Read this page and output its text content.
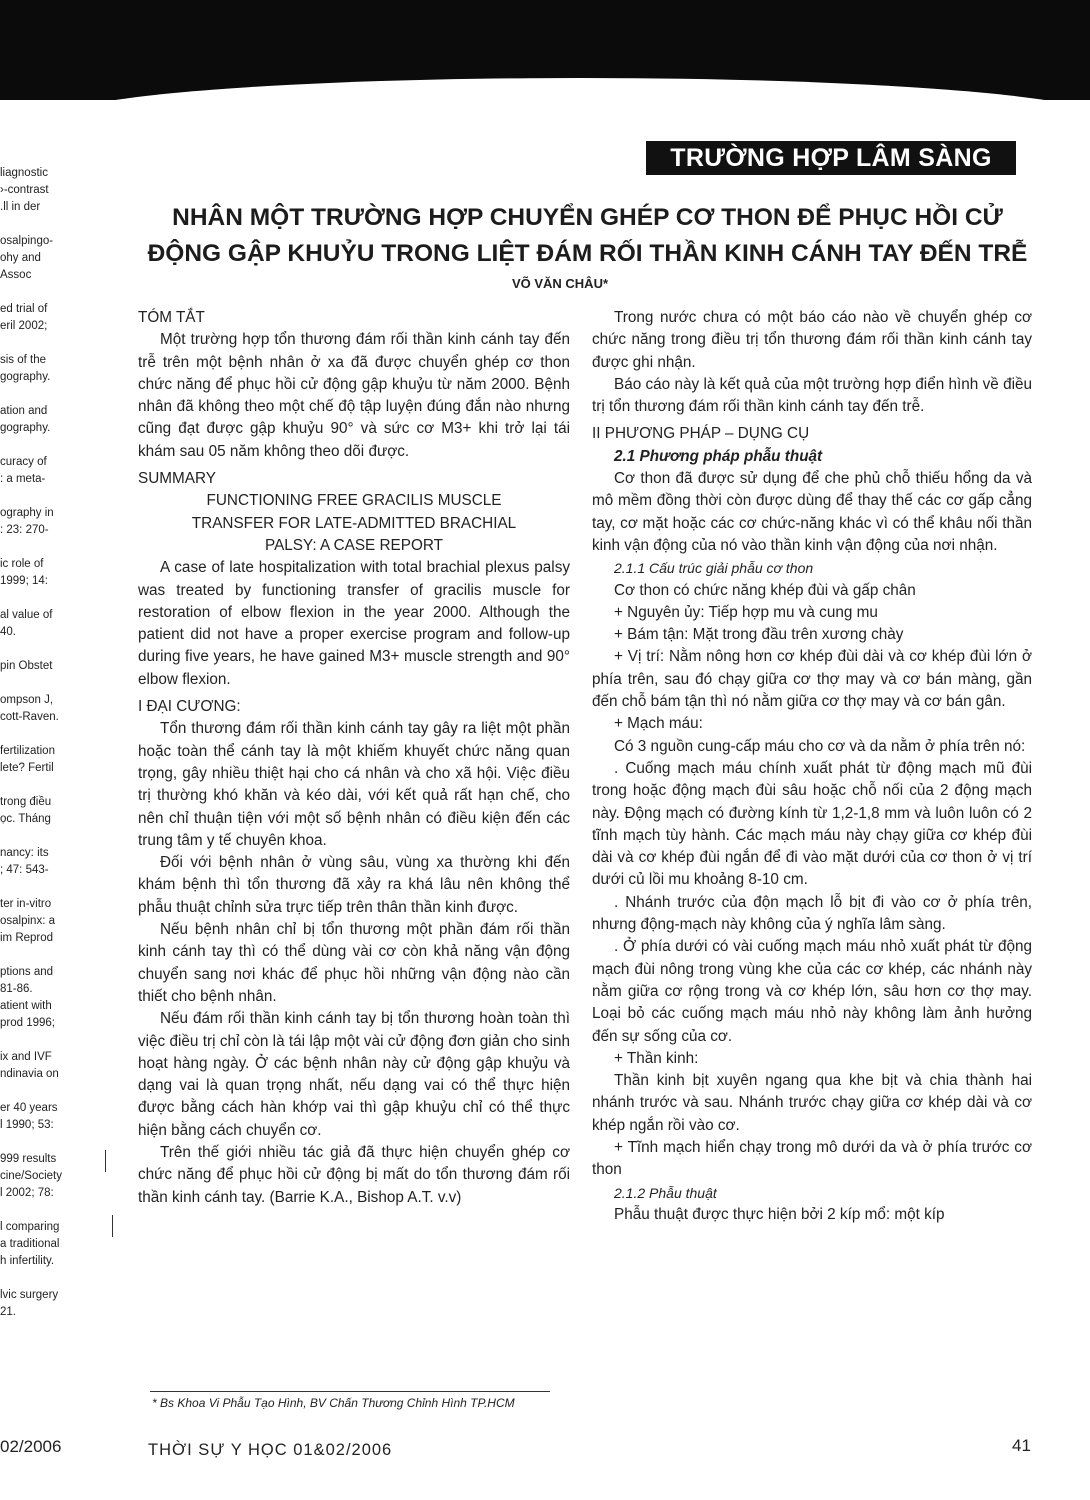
liagnostic
›-contrast
.ll in der
osalpingo-
ohy and
Assoc
ed trial of
eril 2002;
sis of the
gography.
ation and
gography.
curacy of
: a meta-
ography in
: 23: 270-
ic role of
1999; 14:
al value of
40.
pin Obstet
ompson J,
cott-Raven.
fertilization
lete? Fertil
trong điều
ọc. Tháng
nancy: its
; 47: 543-
ter in-vitro
osalpinx: a
im Reprod
ptions and
81-86.
atient with
prod 1996;
ix and IVF
ndinavia on
er 40 years
l 1990; 53:
999 results
cine/Society
l 2002; 78:
l comparing
a traditional
h infertility.
lvic surgery
21.
02/2006
TRƯỜNG HỢP LÂM SÀNG
NHÂN MỘT TRƯỜNG HỢP CHUYỂN GHÉP CƠ THON ĐỂ PHỤC HỒI CỬ
ĐỘNG GẬP KHUỶU TRONG LIỆT ĐÁM RỐI THẦN KINH CÁNH TAY ĐẾN TRỄ
VÕ VĂN CHÂU*

TÓM TẮT

Một trường hợp tổn thương đám rối thần kinh cánh tay đến trễ trên một bệnh nhân ở xa đã được chuyển ghép cơ thon chức năng để phục hồi cử động gập khuỷu từ năm 2000. Bệnh nhân đã không theo một chế độ tập luyện đúng đắn nào nhưng cũng đạt được gập khuỷu 90° và sức cơ M3+ khi trở lại tái khám sau 05 năm không theo dõi được.

SUMMARY

FUNCTIONING FREE GRACILIS MUSCLE

TRANSFER FOR LATE-ADMITTED BRACHIAL

PALSY: A CASE REPORT

A case of late hospitalization with total brachial plexus palsy was treated by functioning transfer of gracilis muscle for restoration of elbow flexion in the year 2000. Although the patient did not have a proper exercise program and follow-up during five years, he have gained M3+ muscle strength and 90° elbow flexion.

I ĐẠI CƯƠNG:

Tổn thương đám rối thần kinh cánh tay gây ra liệt một phần hoặc toàn thể cánh tay là một khiếm khuyết chức năng quan trọng, gây nhiều thiệt hại cho cá nhân và cho xã hội. Việc điều trị thường khó khăn và kéo dài, với kết quả rất hạn chế, cho nên chỉ thuận tiện với một số bệnh nhân có điều kiện đến các trung tâm y tế chuyên khoa.

Đối với bệnh nhân ở vùng sâu, vùng xa thường khi đến khám bệnh thì tổn thương đã xảy ra khá lâu nên không thể phẫu thuật chỉnh sửa trực tiếp trên thân thần kinh được.

Nếu bệnh nhân chỉ bị tổn thương một phần đám rối thần kinh cánh tay thì có thể dùng vài cơ còn khả năng vận động chuyển sang nơi khác để phục hồi những vận động nào cần thiết cho bệnh nhân.

Nếu đám rối thần kinh cánh tay bị tổn thương hoàn toàn thì việc điều trị chỉ còn là tái lập một vài cử động đơn giản cho sinh hoạt hàng ngày. Ở các bệnh nhân này cử động gập khuỷu và dạng vai là quan trọng nhất, nếu dạng vai có thể thực hiện được bằng cách hàn khớp vai thì gập khuỷu chỉ có thể thực hiện bằng cách chuyển cơ.

Trên thế giới nhiều tác giả đã thực hiện chuyển ghép cơ chức năng để phục hồi cử động bị mất do tổn thương đám rối thần kinh cánh tay. (Barrie K.A., Bishop A.T. v.v)

Trong nước chưa có một báo cáo nào về chuyển ghép cơ chức năng trong điều trị tổn thương đám rối thần kinh cánh tay được ghi nhận.

Báo cáo này là kết quả của một trường hợp điển hình về điều trị tổn thương đám rối thần kinh cánh tay đến trễ.

II PHƯƠNG PHÁP – DỤNG CỤ

2.1 Phương pháp phẫu thuật

Cơ thon đã được sử dụng để che phủ chỗ thiếu hổng da và mô mềm đồng thời còn được dùng để thay thế các cơ gấp cẳng tay, cơ mặt hoặc các cơ chức-năng khác vì có thể khâu nối thần kinh vận động của nó vào thần kinh vận động của nơi nhận.

2.1.1 Cấu trúc giải phẫu cơ thon

Cơ thon có chức năng khép đùi và gấp chân

+ Nguyên ủy: Tiếp hợp mu và cung mu

+ Bám tận: Mặt trong đầu trên xương chày

+ Vị trí: Nằm nông hơn cơ khép đùi dài và cơ khép đùi lớn ở phía trên, sau đó chạy giữa cơ thợ may và cơ bán màng, gần đến chỗ bám tận thì nó nằm giữa cơ thợ may và cơ bán gân.

+ Mạch máu:

Có 3 nguồn cung-cấp máu cho cơ và da nằm ở phía trên nó:

. Cuống mạch máu chính xuất phát từ động mạch mũ đùi trong hoặc động mạch đùi sâu hoặc chỗ nối của 2 động mạch này. Động mạch có đường kính từ 1,2-1,8 mm và luôn luôn có 2 tĩnh mạch tùy hành. Các mạch máu này chạy giữa cơ khép đùi dài và cơ khép đùi ngắn để đi vào mặt dưới của cơ thon ở vị trí dưới củ lồi mu khoảng 8-10 cm.

. Nhánh trước của độn mạch lỗ bịt đi vào cơ ở phía trên, nhưng động-mạch này không của ý nghĩa lâm sàng.

. Ở phía dưới có vài cuống mạch máu nhỏ xuất phát từ động mạch đùi nông trong vùng khe của các cơ khép, các nhánh này nằm giữa cơ rộng trong và cơ khép lớn, sâu hơn cơ thợ may. Loại bỏ các cuống mạch máu nhỏ này không làm ảnh hưởng đến sự sống của cơ.

+ Thần kinh:

Thần kinh bịt xuyên ngang qua khe bịt và chia thành hai nhánh trước và sau. Nhánh trước chạy giữa cơ khép dài và cơ khép ngắn rồi vào cơ.

+ Tĩnh mạch hiển chạy trong mô dưới da và ở phía trước cơ thon

2.1.2 Phẫu thuật

Phẫu thuật được thực hiện bởi 2 kíp mổ: một kíp

* Bs Khoa Vi Phẫu Tạo Hình, BV Chấn Thương Chỉnh Hình TP.HCM
THỜI SỰ Y HỌC 01&02/2006	41
